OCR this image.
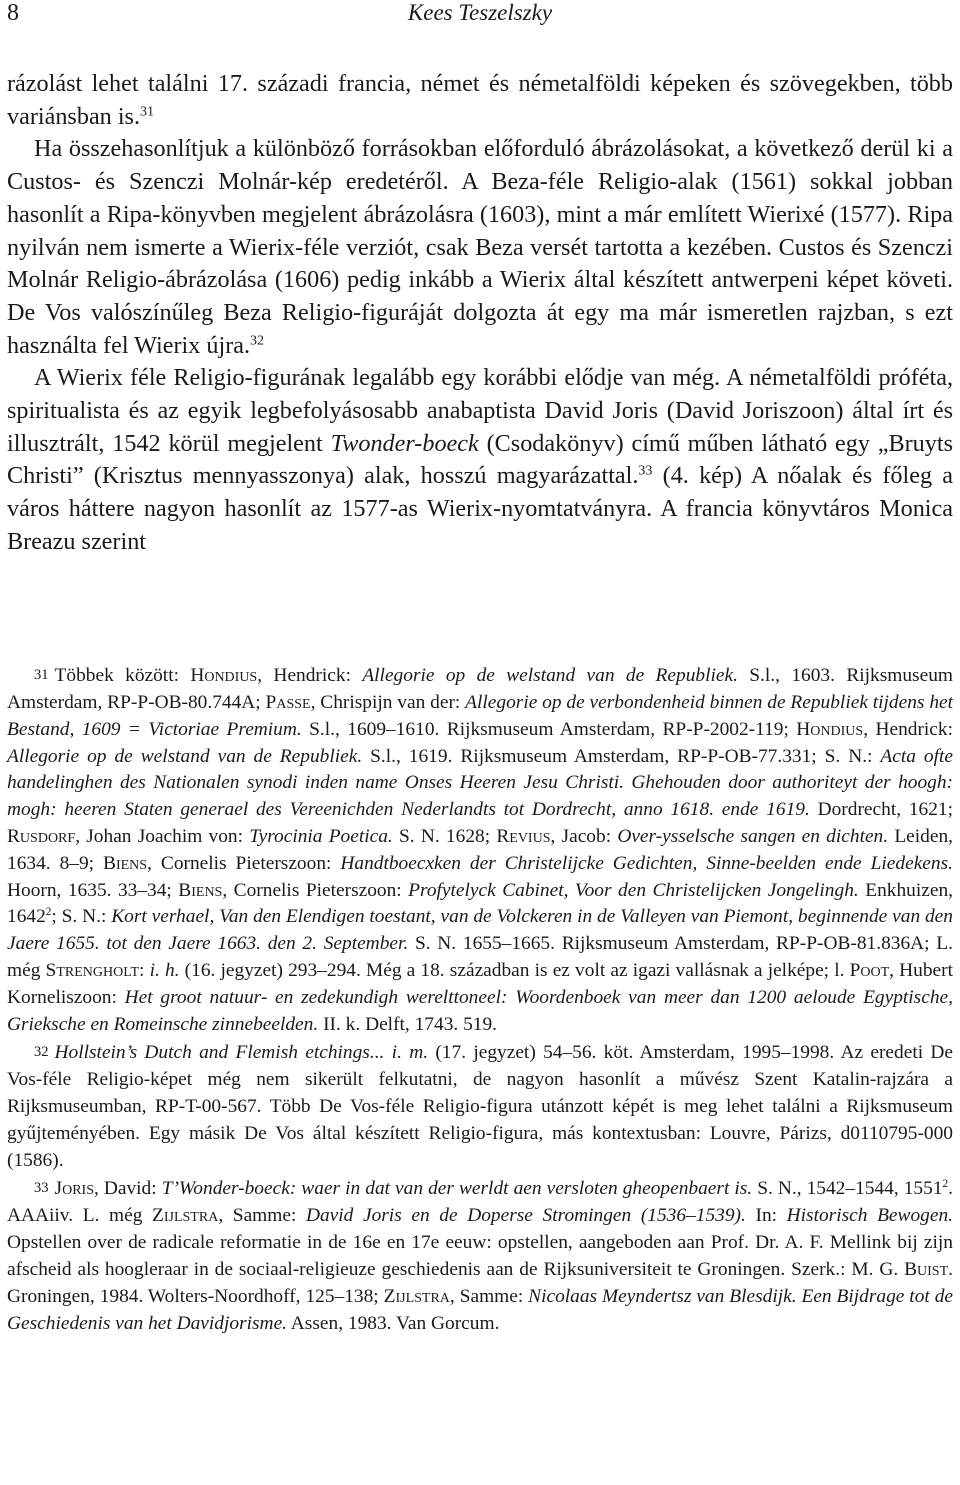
8	Kees Teszelszky

rázolást lehet találni 17. századi francia, német és németalföldi képeken és szövegekben, több variánsban is.$^{31}$

Ha összehasonlítjuk a különböző forrásokban előforduló ábrázolásokat, a következő derül ki a Custos- és Szenczi Molnár-kép eredetéről. A Beza-féle Religio-alak (1561) sokkal jobban hasonlít a Ripa-könyvben megjelent ábrázolásra (1603), mint a már említett Wierixé (1577). Ripa nyilván nem ismerte a Wierix-féle verziót, csak Beza versét tartotta a kezében. Custos és Szenczi Molnár Religio-ábrázolása (1606) pedig inkább a Wierix által készített antwerpeni képet követi. De Vos valószínűleg Beza Religio-figuráját dolgozta át egy ma már ismeretlen rajzban, s ezt használta fel Wierix újra.$^{32}$

A Wierix féle Religio-figurának legalább egy korábbi elődje van még. A németalföldi próféta, spiritualista és az egyik legbefolyásosabb anabaptista David Joris (David Joriszoon) által írt és illusztrált, 1542 körül megjelent Twonder-boeck (Csodakönyv) című műben látható egy „Bruyts Christi” (Krisztus mennyasszonya) alak, hosszú magyarázattal.$^{33}$ (4. kép) A nőalak és főleg a város háttere nagyon hasonlít az 1577-as Wierix-nyomtatványra. A francia könyvtáros Monica Breazu szerint

31 Többek között: Hondius, Hendrick: Allegorie op de welstand van de Republiek. S.l., 1603. Rijksmuseum Amsterdam, RP-P-OB-80.744A; Passe, Chrispijn van der: Allegorie op de verbondenheid binnen de Republiek tijdens het Bestand, 1609 = Victoriae Premium. S.l., 1609–1610. Rijksmuseum Amsterdam, RP-P-2002-119; Hondius, Hendrick: Allegorie op de welstand van de Republiek. S.l., 1619. Rijksmuseum Amsterdam, RP-P-OB-77.331; S. N.: Acta ofte handelinghen des Nationalen synodi inden name Onses Heeren Jesu Christi. Ghehouden door authoriteyt der hoogh: mogh: heeren Staten generael des Vereenichden Nederlandts tot Dordrecht, anno 1618. ende 1619. Dordrecht, 1621; Rusdorf, Johan Joachim von: Tyrocinia Poetica. S. N. 1628; Revius, Jacob: Over-ysselsche sangen en dichten. Leiden, 1634. 8–9; Biens, Cornelis Pieterszoon: Handtboecxken der Christelijcke Gedichten, Sinne-beelden ende Liedekens. Hoorn, 1635. 33–34; Biens, Cornelis Pieterszoon: Profytelyck Cabinet, Voor den Christelijcken Jongelingh. Enkhuizen, 1642$^2$; S. N.: Kort verhael, Van den Elendigen toestant, van de Volckeren in de Valleyen van Piemont, beginnende van den Jaere 1655. tot den Jaere 1663. den 2. September. S. N. 1655–1665. Rijksmuseum Amsterdam, RP-P-OB-81.836A; L. még Strengholt: i. h. (16. jegyzet) 293–294. Még a 18. században is ez volt az igazi vallásnak a jelképe; l. Poot, Hubert Korneliszoon: Het groot natuur- en zedekundigh werelttoneel: Woordenboek van meer dan 1200 aeloude Egyptische, Grieksche en Romeinsche zinnebeelden. II. k. Delft, 1743. 519.

32 Hollstein’s Dutch and Flemish etchings... i. m. (17. jegyzet) 54–56. köt. Amsterdam, 1995–1998. Az eredeti De Vos-féle Religio-képet még nem sikerült felkutatni, de nagyon hasonlít a művész Szent Katalin-rajzára a Rijksmuseumban, RP-T-00-567. Több De Vos-féle Religio-figura utánzott képét is meg lehet találni a Rijksmuseum gyűjteményében. Egy másik De Vos által készített Religio-figura, más kontextusban: Louvre, Párizs, d0110795-000 (1586).

33 Joris, David: T’Wonder-boeck: waer in dat van der werldt aen versloten gheopenbaert is. S. N., 1542–1544, 1551$^2$. AAAiiv. L. még Zijlstra, Samme: David Joris en de Doperse Stromingen (1536–1539). In: Historisch Bewogen. Opstellen over de radicale reformatie in de 16e en 17e eeuw: opstellen, aangeboden aan Prof. Dr. A. F. Mellink bij zijn afscheid als hoogleraar in de sociaal-religieuze geschiedenis aan de Rijksuniversiteit te Groningen. Szerk.: M. G. Buist. Groningen, 1984. Wolters-Noordhoff, 125–138; Zijlstra, Samme: Nicolaas Meyndertsz van Blesdijk. Een Bijdrage tot de Geschiedenis van het Davidjorisme. Assen, 1983. Van Gorcum.
